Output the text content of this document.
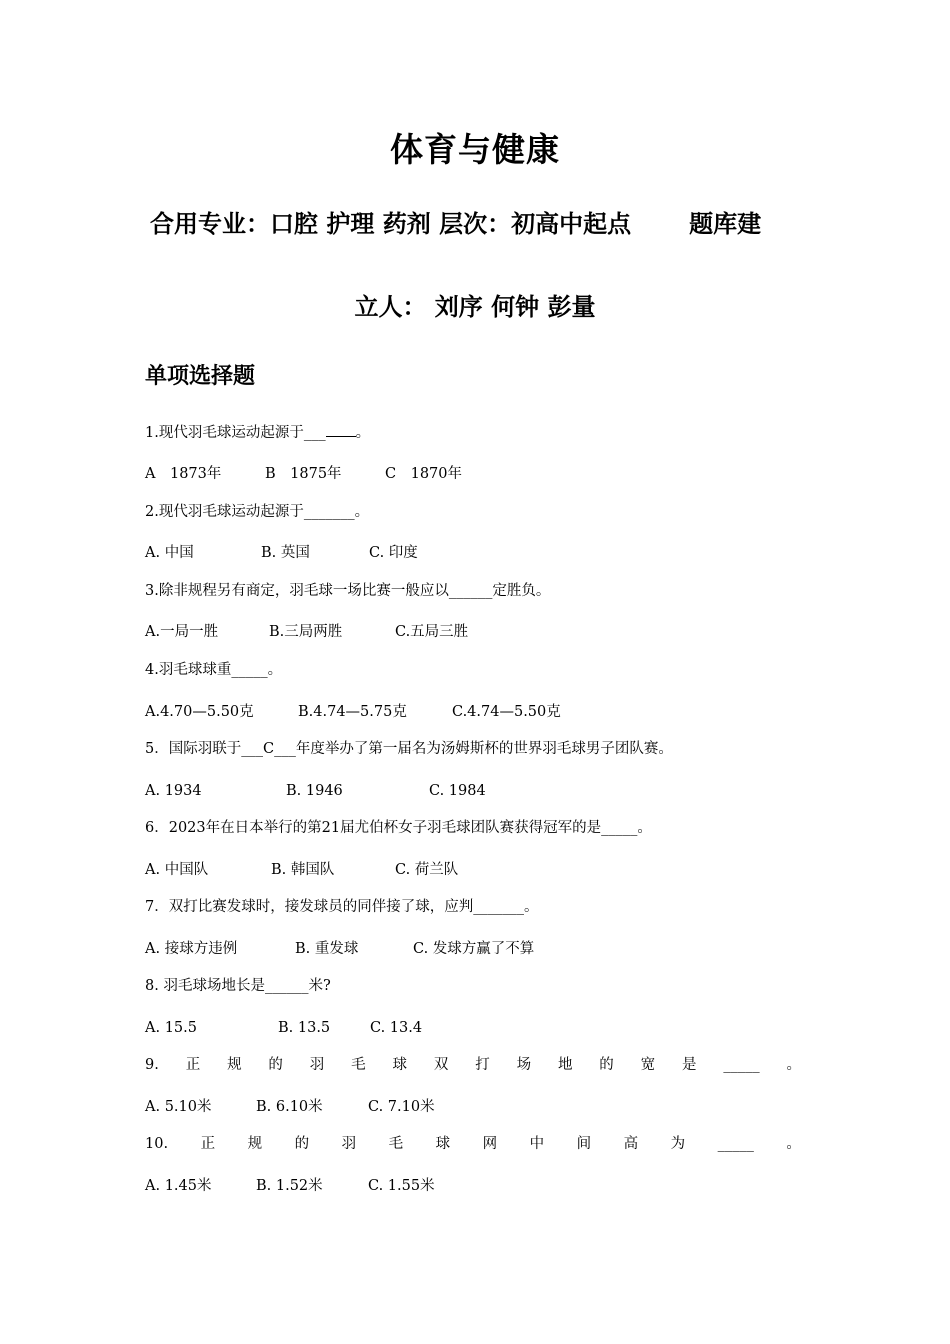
体育与健康
合用专业：口腔 护理 药剂 层次：初高中起点 题库建
立人： 刘序 何钟 彭量
单项选择题
1.现代羽毛球运动起源于___ 。
A　1873年	B　1875年	C　1870年
2.现代羽毛球运动起源于_______。
A. 中国	B. 英国	C. 印度
3.除非规程另有商定，羽毛球一场比赛一般应以______定胜负。
A.一局一胜	B.三局两胜	C.五局三胜
4.羽毛球球重_____。
A.4.70—5.50克	B.4.74—5.75克	C.4.74—5.50克
5．国际羽联于___C___年度举办了第一届名为汤姆斯杯的世界羽毛球男子团队赛。
A. 1934	B. 1946	C. 1984
6．2023年在日本举行的第21届尤伯杯女子羽毛球团队赛获得冠军的是_____。
A. 中国队	B. 韩国队	C. 荷兰队
7．双打比赛发球时，接发球员的同伴接了球，应判_______。
A. 接球方违例	B. 重发球	C. 发球方赢了不算
8. 羽毛球场地长是______米?
A. 15.5	B. 13.5	C. 13.4
9. 正 规 的 羽 毛 球 双 打 场 地 的 宽 是 _____ 。
A. 5.10米	B. 6.10米	C. 7.10米
10. 正 规 的 羽 毛 球 网 中 间 高 为 _____ 。
A. 1.45米	B. 1.52米	C. 1.55米
